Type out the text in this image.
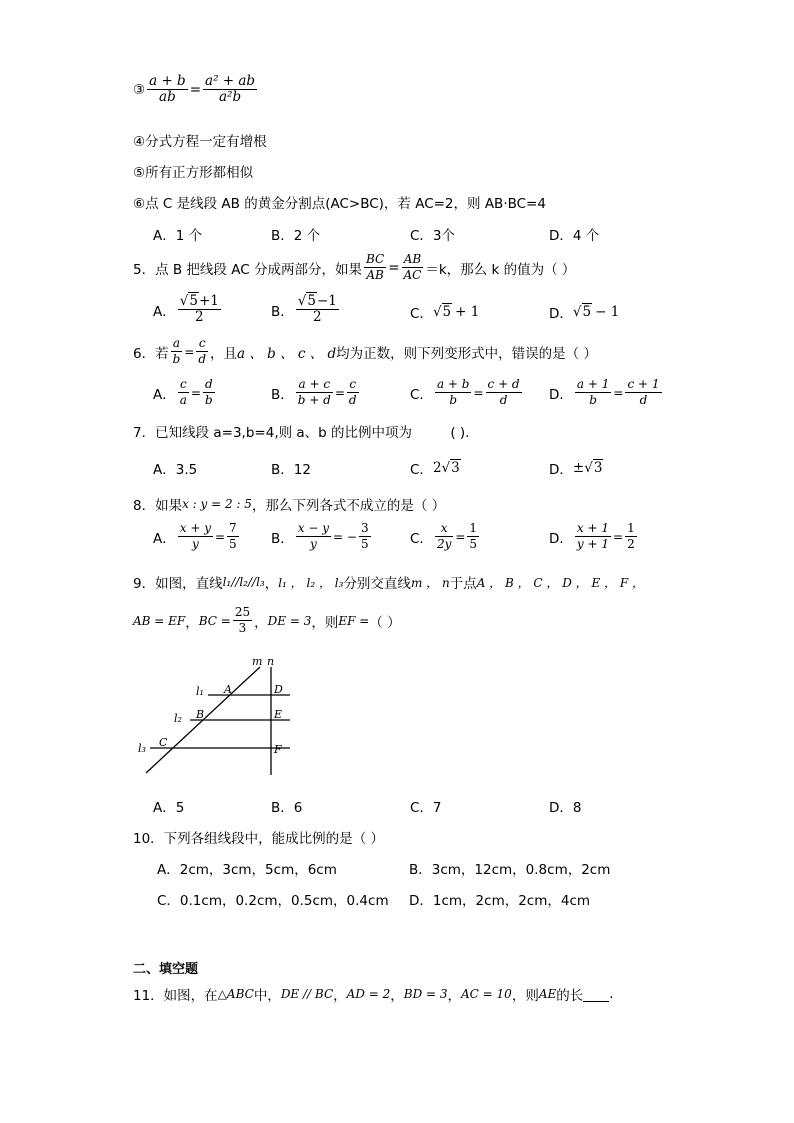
③ $\frac{a + b}{ab} = \frac{\text{a² + ab}}{\text{a²b}}$
④分式方程一定有增根
⑤所有正方形都相似
⑥点 C 是线段 AB 的黄金分割点(AC>BC)，若 AC=2，则 AB·BC=4
A．1 个	B．2 个	C．3个	D．4 个
5．点 B 把线段 AC 分成两部分，如果 $\frac{BC}{AB} = \frac{AB}{AC} =k$，那么 k 的值为（ ）
A． $\frac{√5+1}{2}$	B． $\frac{√5-1}{2}$	C． √5 + 1	D． √5 − 1
6．若 $\frac{a}{b} = \frac{c}{d}$ ，且 a 、 b 、 c 、 d 均为正数，则下列变形式中，错误的是（ ）
A． $\frac{c}{a} = \frac{d}{b}$	B． $\frac{a + c}{b + d} = \frac{c}{d}$	C． $\frac{a + b}{b} = \frac{c + d}{d}$ D． $\frac{a + 1}{b} = \frac{c + 1}{d}$
7．已知线段 a=3,b=4,则 a、b 的比例中项为	( ).
A．3.5	B．12	C． 2 √3	D． ± √3
8．如果 x : y = 2 : 5 ，那么下列各式不成立的是（ ）
A． $\frac{x + y}{y} = \frac{7}{5}$ B． $\frac{x - y}{y}$ = − $\frac{3}{5}$	C． $\frac{x}{2y} = \frac{1}{5}$	D． $\frac{x + 1}{y + 1} = \frac{1}{2}$
9．如图，直线 l₁//l₂//l₃ ， l₁ ， l₂ ， l₃ 分别交直线 m ， n 于点 A ， B ， C ， D ， E ， F ，
AB = EF ， BC = $\frac{25}{3}$ ， DE = 3 ，则 EF = （ ）
m n
l₁
l₂
l₃
A
B
C
D
E
F
A．5	B．6	C．7	D．8
10．下列各组线段中，能成比例的是（ ）
A．2cm，3cm，5cm，6cm	B．3cm，12cm，0.8cm，2cm
C．0.1cm，0.2cm，0.5cm，0.4cm D．1cm，2cm，2cm，4cm
二、填空题
11．如图，在 △ABC 中， DE // BC ， AD = 2 ， BD = 3 ， AC = 10 ，则 AE 的长 .
